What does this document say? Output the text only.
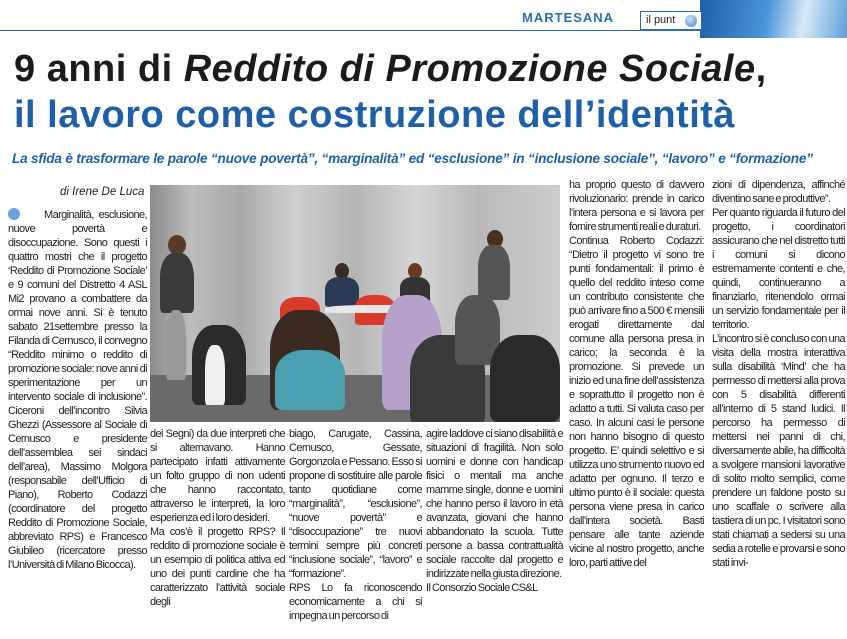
MARTESANA	il punt
9 anni di Reddito di Promozione Sociale,
il lavoro come costruzione dell’identità
La sfida è trasformare le parole “nuove povertà”, “marginalità” ed “esclusione” in “inclusione sociale”, “lavoro” e “formazione”
di Irene De Luca

Marginalità, esclusione, nuove povertà e disoccupazione. Sono questi i quattro mostri che il progetto ‘Reddito di Promozione Sociale’ e 9 comuni del Distretto 4 ASL Mi2 provano a combattere da ormai nove anni. Si è tenuto sabato 21settembre presso la Filanda di Cernusco, il convegno “Reddito minimo o reddito di promozione sociale: nove anni di sperimentazione per un intervento sociale di inclusione”. Ciceroni dell’incontro Silvia Ghezzi (Assessore al Sociale di Cernusco e presidente dell’assemblea sei sindaci dell’area), Massimo Molgora (responsabile dell’Ufficio di Piano), Roberto Codazzi (coordinatore del progetto Reddito di Promozione Sociale, abbreviato RPS) e Francesco Giubileo (ricercatore presso l’Università di Milano Bicocca).

dei Segni) da due interpreti che si alternavano. Hanno partecipato infatti attivamente un folto gruppo di non udenti che hanno raccontato, attraverso le interpreti, la loro esperienza ed i loro desideri.

Ma cos’è il progetto RPS? Il reddito di promozione sociale è un esempio di politica attiva ed uno dei punti cardine che ha caratterizzato l’attività sociale degli

biago, Carugate, Cassina, Cernusco, Gessate, Gorgonzola e Pessano. Esso si propone di sostituire alle parole tanto quotidiane come “marginalità”, “esclusione”, “nuove povertà” e “disoccupazione” tre nuovi termini sempre più concreti “inclusione sociale”, “lavoro” e “formazione”.

RPS Lo fa riconoscendo economicamente a chi si impegna un percorso di

agire laddove ci siano disabilità e situazioni di fragilità. Non solo uomini e donne con handicap fisici o mentali ma anche mamme single, donne e uomini che hanno perso il lavoro in età avanzata, giovani che hanno abbandonato la scuola. Tutte persone a bassa contrattualità sociale raccolte dal progetto e indirizzate nella giusta direzione.

Il Consorzio Sociale CS&L

ha proprio questo di davvero rivoluzionario: prende in carico l’intera persona e si lavora per fornire strumenti reali e duraturi.

Continua Roberto Codazzi: “Dietro il progetto vi sono tre punti fondamentali: il primo è quello del reddito inteso come un contributo consistente che può arrivare fino a 500 € mensili erogati direttamente dal comune alla persona presa in carico; la seconda è la promozione. Si prevede un inizio ed una fine dell’assistenza e soprattutto il progetto non è adatto a tutti. Si valuta caso per caso. In alcuni casi le persone non hanno bisogno di questo progetto. E’ quindi selettivo e si utilizza uno strumento nuovo ed adatto per ognuno. Il terzo e ultimo punto è il sociale: questa persona viene presa in carico dall’intera società. Basti pensare alle tante aziende vicine al nostro progetto, anche loro, parti attive del

zioni di dipendenza, affinché diventino sane e produttive”.

Per quanto riguarda il futuro del progetto, i coordinatori assicurano che nel distretto tutti i comuni si dicono estremamente contenti e che, quindi, continueranno a finanziarlo, ritenendolo ormai un servizio fondamentale per il territorio.

L’incontro si è concluso con una visita della mostra interattiva sulla disabilità ‘Mind’ che ha permesso di mettersi alla prova con 5 disabilità differenti all’interno di 5 stand ludici. Il percorso ha permesso di mettersi nei panni di chi, diversamente abile, ha difficoltà a svolgere mansioni lavorative di solito molto semplici, come prendere un faldone posto su uno scaffale o scrivere alla tastiera di un pc. I visitatori sono stati chiamati a sedersi su una sedia a rotelle e provarsi e sono stati invi-
